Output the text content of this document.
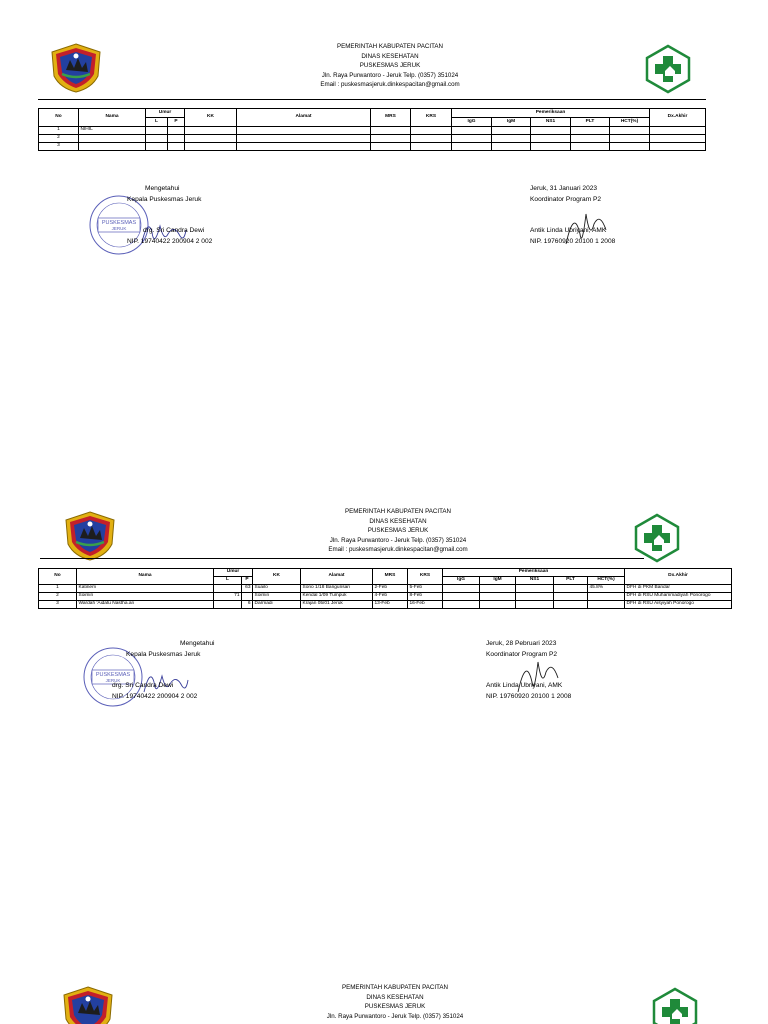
PEMERINTAH KABUPATEN PACITAN
DINAS KESEHATAN
PUSKESMAS JERUK
Jln. Raya Purwantoro - Jeruk Telp. (0357) 351024
Email : puskesmasjeruk.dinkespacitan@gmail.com
No	Nama	Umur		KK	Alamat	MRS	KRS	Pemeriksaan					Dx.Akhir
		L	P					IgG	IgM	NS1	PLT	HCT(%)	
1	NIHIL												
2													
3													
PUSKESMAS
JERUK
Mengetahui
Kepala Puskesmas Jeruk
drg. Sri Candra Dewi
NIP. 19740422 200904 2 002
Jeruk, 31 Januari 2023
Koordinator Program P2
Antik Linda Ubriyani, AMK
NIP. 19760920 20100 1 2008
PEMERINTAH KABUPATEN PACITAN
DINAS KESEHATAN
PUSKESMAS JERUK
Jln. Raya Purwantoro - Jeruk Telp. (0357) 351024
Email : puskesmasjeruk.dinkespacitan@gmail.com
No	Nama	Umur		KK	Alamat	MRS	KRS	Pemeriksaan					Dx.Akhir
		L	P					IgG	IgM	NS1	PLT	HCT(%)	
1	Katinem		63	Suailo	Sono 1/18 Bangunsari	2-Feb	5-Feb					45.8%	DFH di PKM Bandar
2	Soimin	71		Soimin	Kendal 1/09 Tumpuk	4-Feb	8-Feb						DFH di RSU Muhammadiyah Ponorogo
3	Wardah 'Aidatu Nastha.an		6	Darmadi	Krajan 05/01 Jeruk	13-Feb	16-Feb						DFH di RSU Aisyiyah Ponorogo
PUSKESMAS
JERUK
Mengetahui
Kepala Puskesmas Jeruk
drg. Sri Candra Dewi
NIP. 19740422 200904 2 002
Jeruk, 28 Pebruari 2023
Koordinator Program P2
Antik Linda Ubriyani, AMK
NIP. 19760920 20100 1 2008
PEMERINTAH KABUPATEN PACITAN
DINAS KESEHATAN
PUSKESMAS JERUK
Jln. Raya Purwantoro - Jeruk Telp. (0357) 351024
